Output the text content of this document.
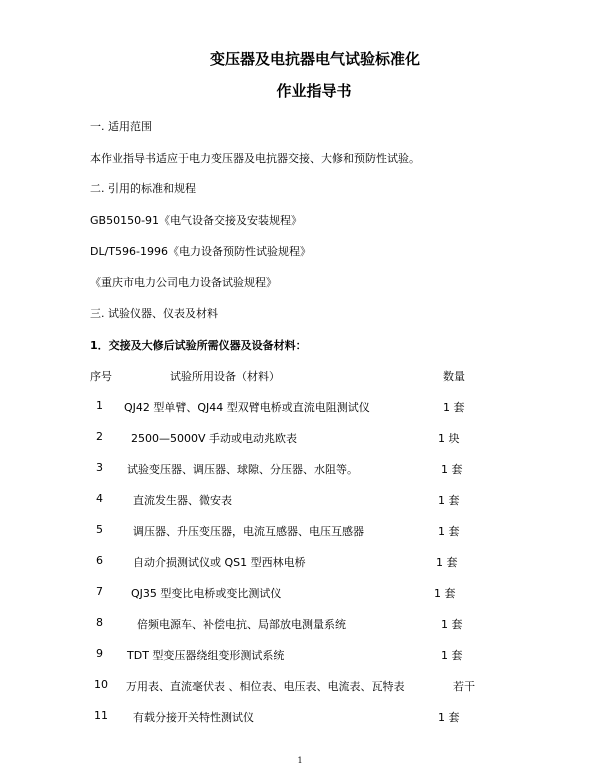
变压器及电抗器电气试验标准化
作业指导书
一. 适用范围
本作业指导书适应于电力变压器及电抗器交接、大修和预防性试验。
二. 引用的标准和规程
GB50150-91《电气设备交接及安装规程》
DL/T596-1996《电力设备预防性试验规程》
《重庆市电力公司电力设备试验规程》
三. 试验仪器、仪表及材料
1．交接及大修后试验所需仪器及设备材料：
序号	试验所用设备（材料）	数量
1 QJ42 型单臂、QJ44 型双臂电桥或直流电阻测试仪	1 套
2	2500—5000V 手动或电动兆欧表	1 块
3 试验变压器、调压器、球隙、分压器、水阻等。	1 套
4	直流发生器、微安表	1 套
5	调压器、升压变压器，电流互感器、电压互感器	1 套
6	自动介损测试仪或 QS1 型西林电桥	1 套
7	QJ35 型变比电桥或变比测试仪	1 套
8	倍频电源车、补偿电抗、局部放电测量系统	1 套
9 TDT 型变压器绕组变形测试系统	1 套
10 万用表、直流毫伏表 、相位表、电压表、电流表、瓦特表	若干
11 有载分接开关特性测试仪	1 套
1
